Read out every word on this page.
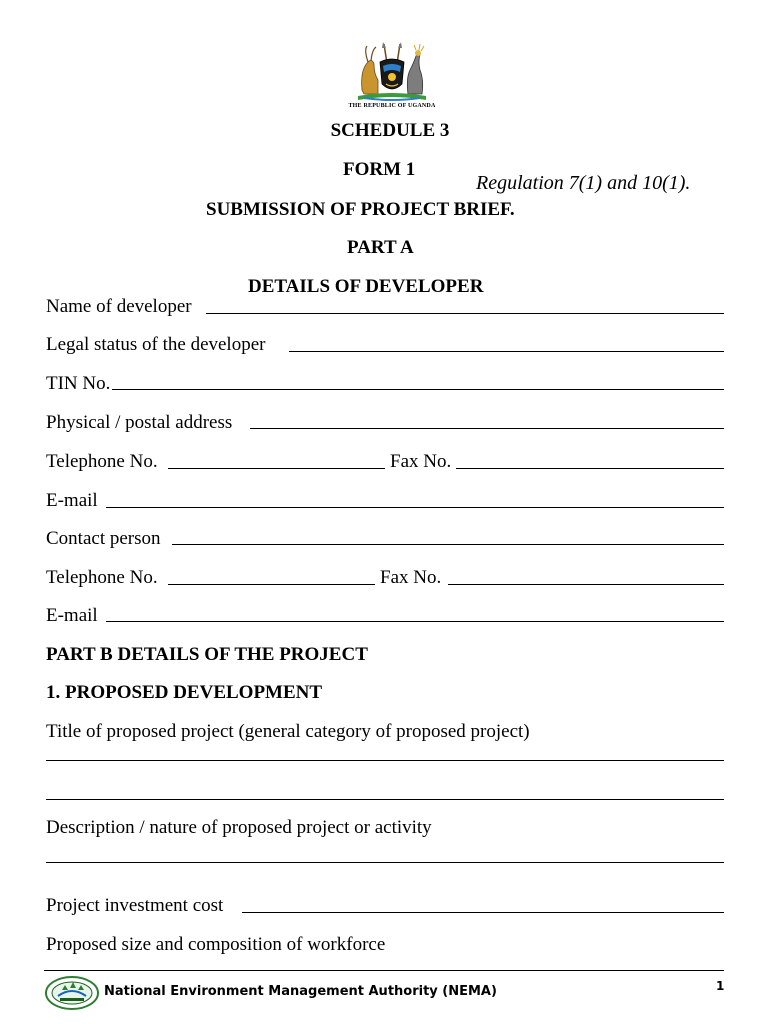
THE REPUBLIC OF UGANDA
SCHEDULE 3
FORM 1
Regulation 7(1) and 10(1).
SUBMISSION OF PROJECT BRIEF.
PART A
DETAILS OF DEVELOPER
Name of developer
Legal status of the developer
TIN No.
Physical / postal address
Telephone No.	Fax No.
E-mail
Contact person
Telephone No.	Fax No.
E-mail
PART B DETAILS OF THE PROJECT
1. PROPOSED DEVELOPMENT
Title of proposed project (general category of proposed project)
Description / nature of proposed project or activity
Project investment cost
Proposed size and composition of workforce
National Environment Management Authority (NEMA)	1
